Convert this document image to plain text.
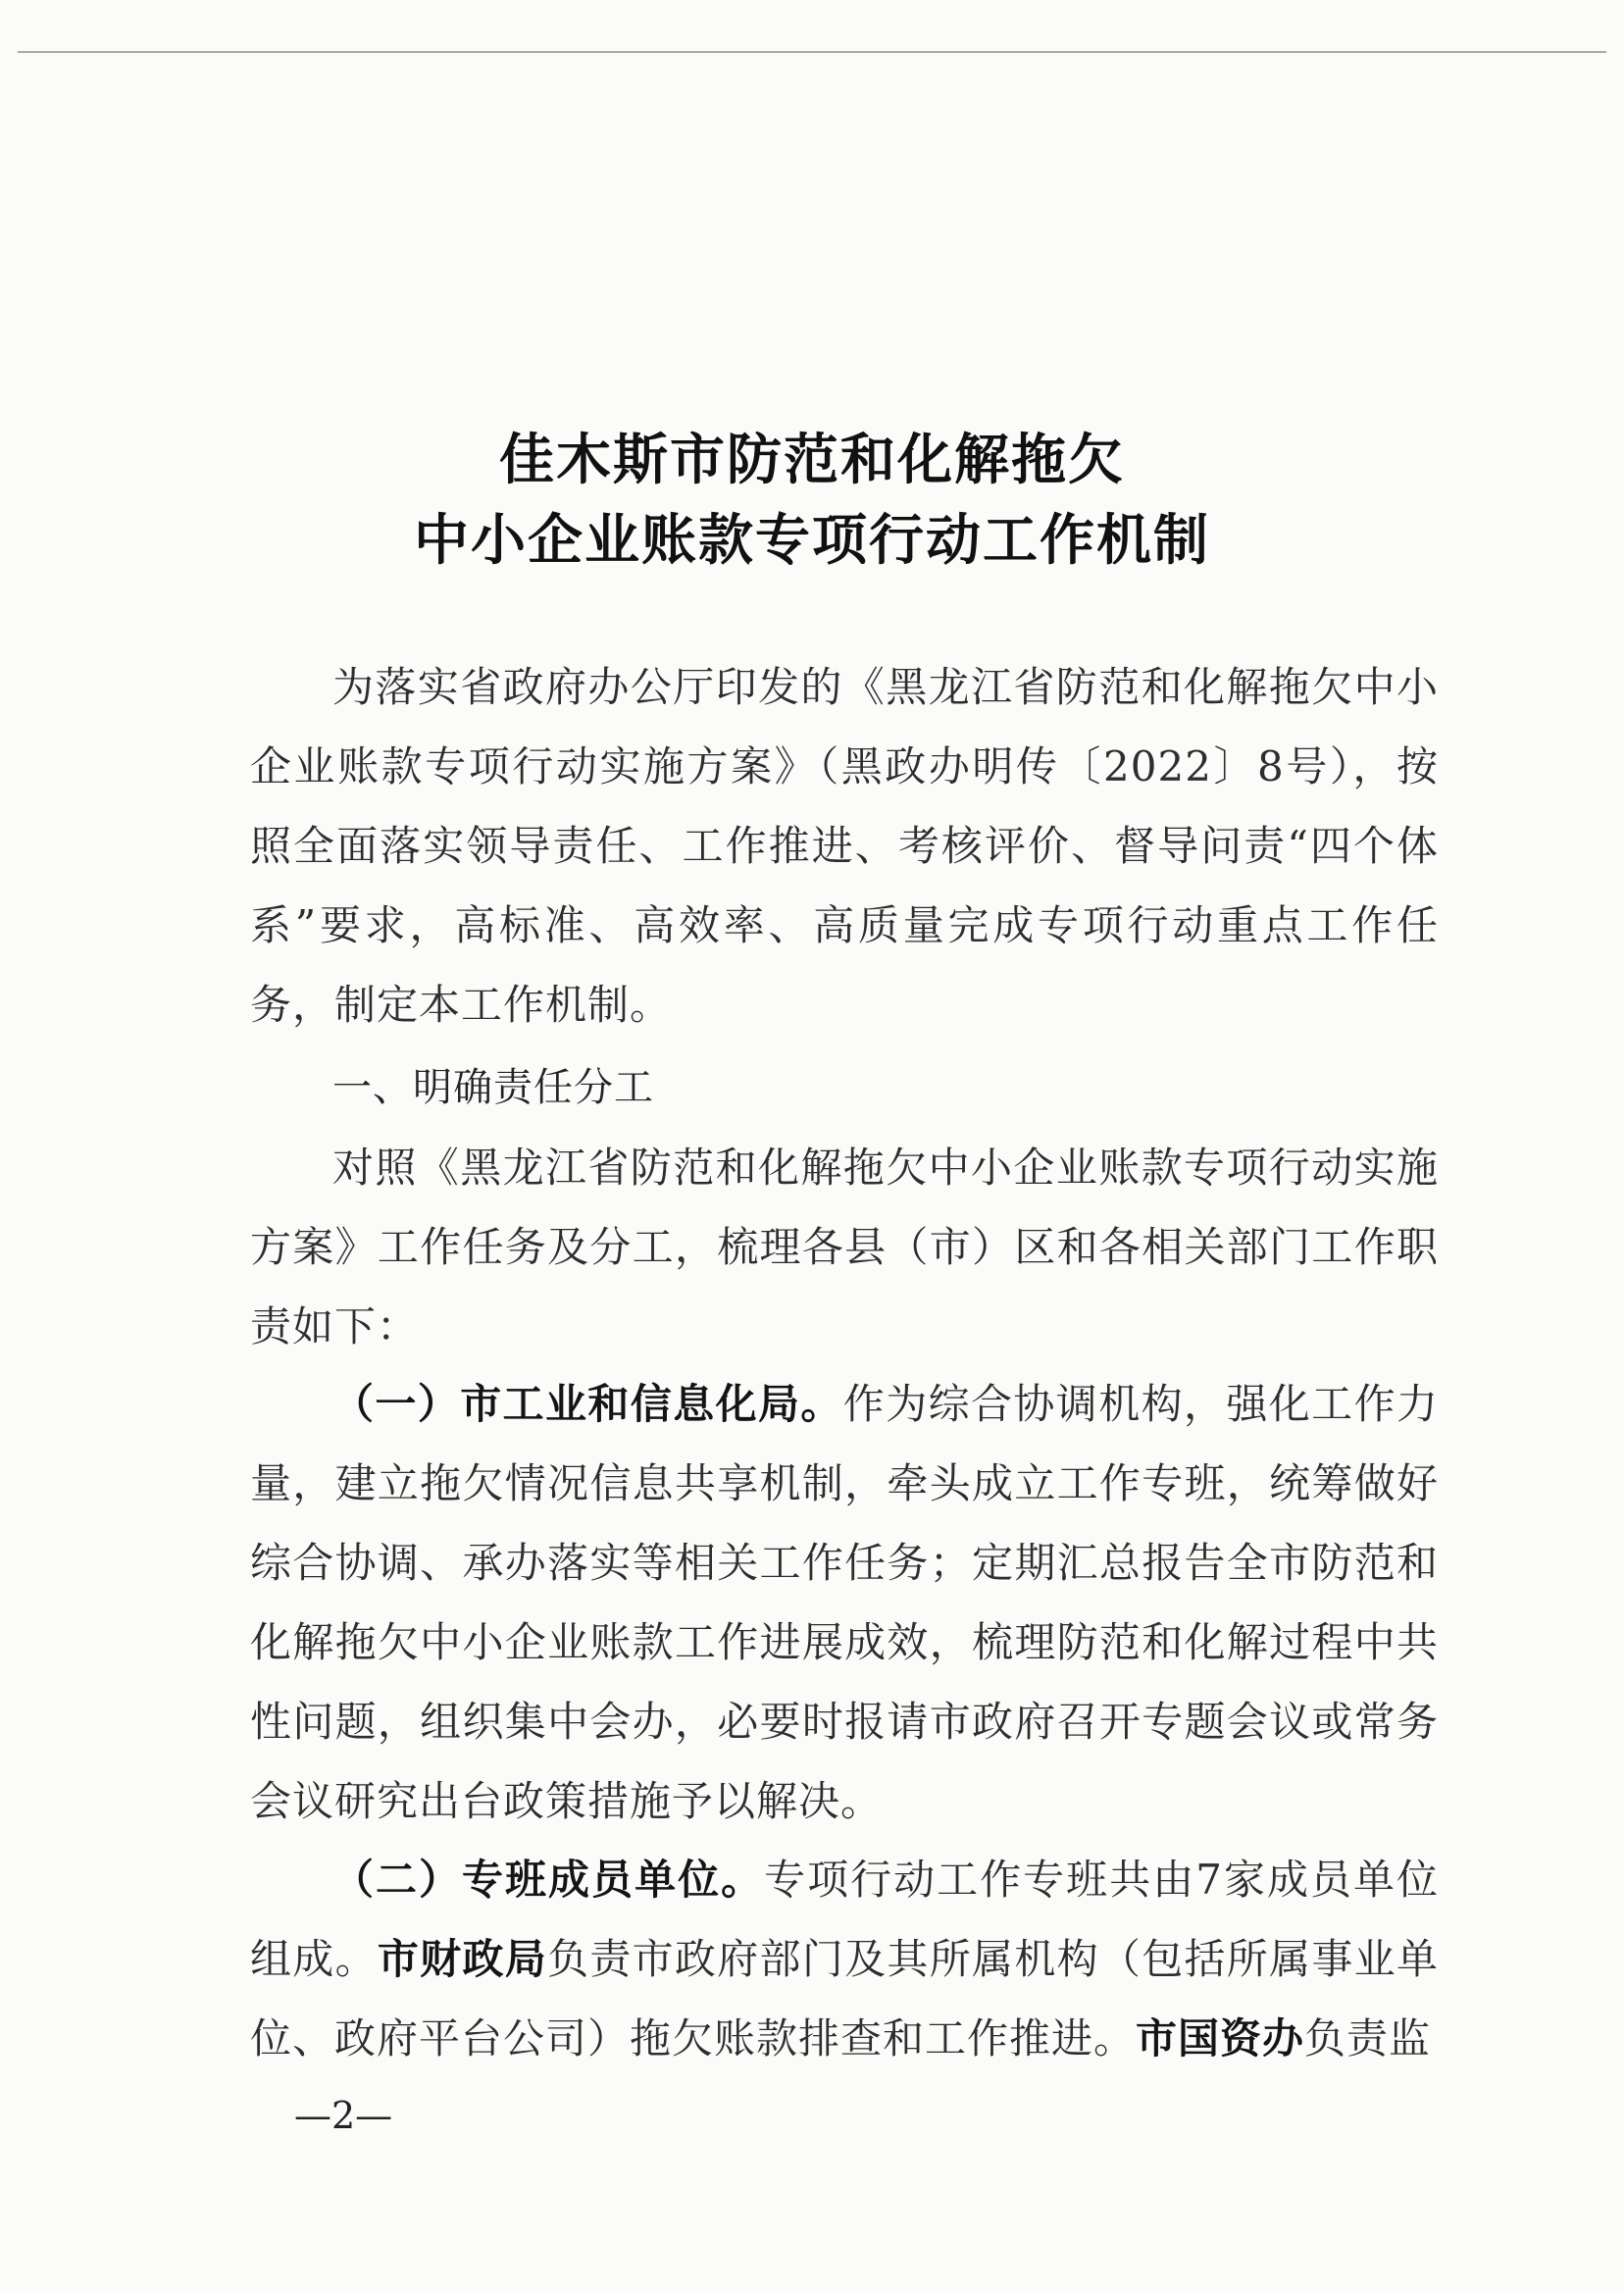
佳木斯市防范和化解拖欠
中小企业账款专项行动工作机制

为落实省政府办公厅印发的《黑龙江省防范和化解拖欠中小企业账款专项行动实施方案》（黑政办明传〔2022〕8号），按照全面落实领导责任、工作推进、考核评价、督导问责“四个体系”要求，高标准、高效率、高质量完成专项行动重点工作任务，制定本工作机制。

一、明确责任分工

对照《黑龙江省防范和化解拖欠中小企业账款专项行动实施方案》工作任务及分工，梳理各县（市）区和各相关部门工作职责如下：

（一）市工业和信息化局。作为综合协调机构，强化工作力量，建立拖欠情况信息共享机制，牵头成立工作专班，统筹做好综合协调、承办落实等相关工作任务；定期汇总报告全市防范和化解拖欠中小企业账款工作进展成效，梳理防范和化解过程中共性问题，组织集中会办，必要时报请市政府召开专题会议或常务会议研究出台政策措施予以解决。

（二）专班成员单位。专项行动工作专班共由7家成员单位组成。市财政局负责市政府部门及其所属机构（包括所属事业单位、政府平台公司）拖欠账款排查和工作推进。市国资办负责监

—2—
